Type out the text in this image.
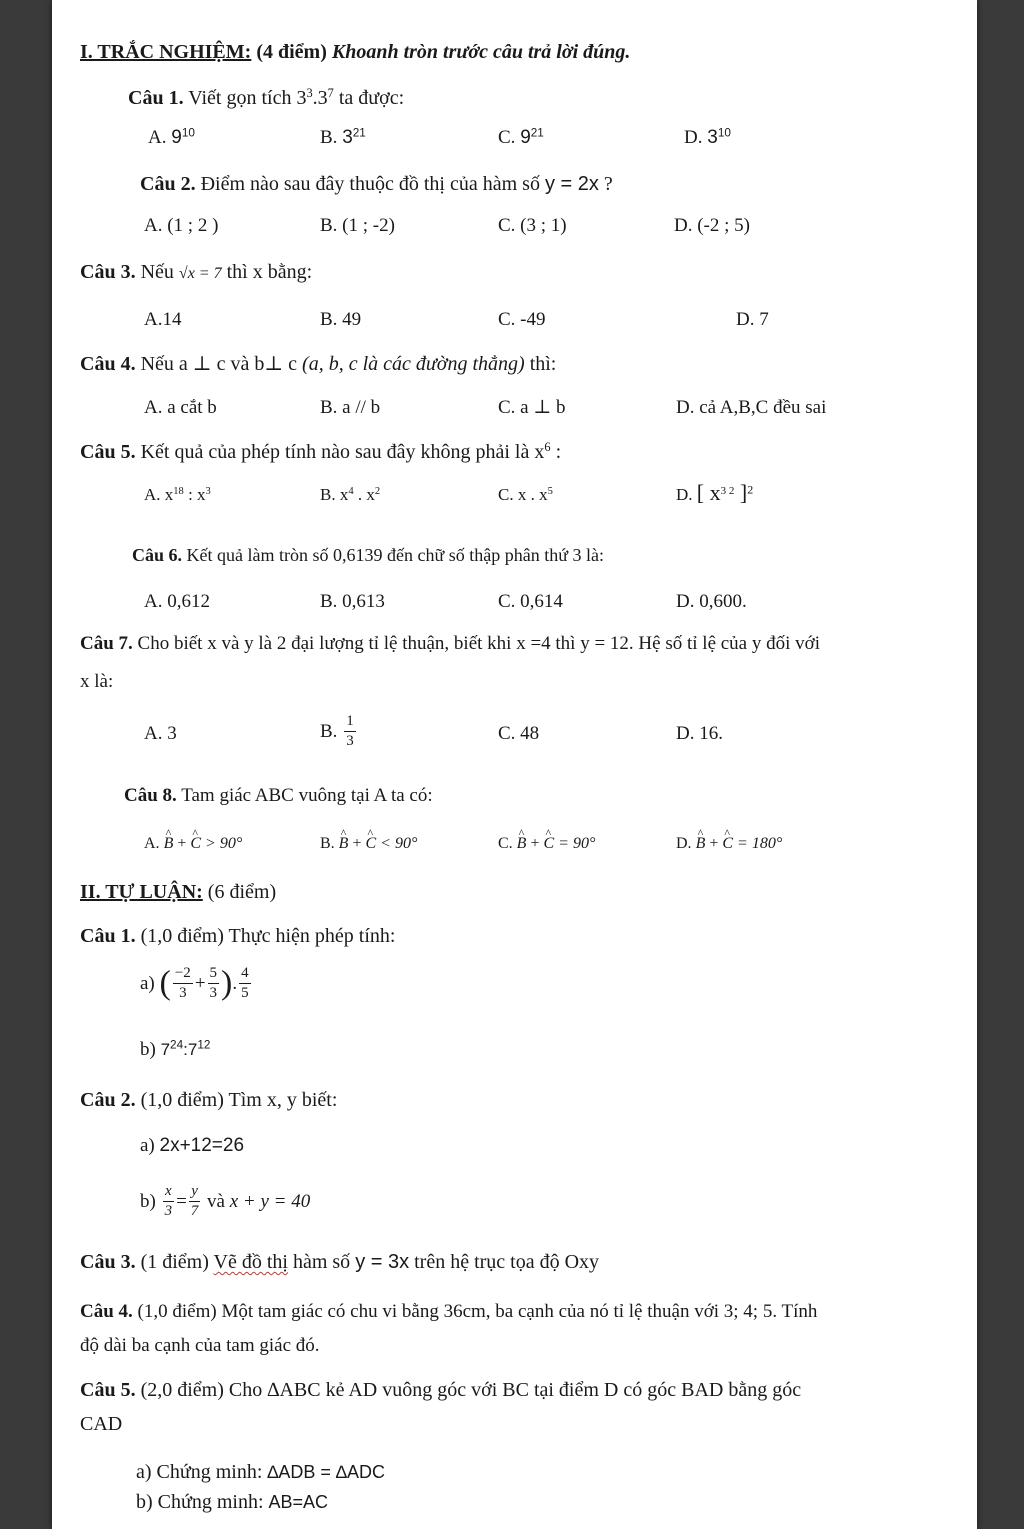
I. TRẮC NGHIỆM: (4 điểm) Khoanh tròn trước câu trả lời đúng.
Câu 1. Viết gọn tích $3^3.3^7$ ta được:
A. $9^{10}$	B. $3^{21}$	C. $9^{21}$	D. $3^{10}$
Câu 2. Điểm nào sau đây thuộc đồ thị của hàm số y = 2x ?
A. (1 ; 2 )	B. (1 ; -2)	C. (3 ; 1)	D. (-2 ; 5)
Câu 3. Nếu √x = 7 thì x bằng:
A.14	B. 49	C. -49	D. 7
Câu 4. Nếu a ⊥ c và b⊥ c (a, b, c là các đường thẳng) thì:
A. a cắt b	B. a // b	C. a ⊥ b	D. cả A,B,C đều sai
Câu 5. Kết quả của phép tính nào sau đây không phải là $x^6$ :
A. $x^{18}$ : $x^3$	B. $x^4$ . $x^2$	C. x . $x^5$	D. [ $x^{3 2}$ ]$^2$
Câu 6. Kết quả làm tròn số 0,6139 đến chữ số thập phân thứ 3 là:
A. 0,612	B. 0,613	C. 0,614	D. 0,600.
Câu 7. Cho biết x và y là 2 đại lượng tỉ lệ thuận, biết khi x =4 thì y = 12. Hệ số tỉ lệ của y đối với
x là:
A. 3	B. $\frac{1}{3}$	C. 48	D. 16.
Câu 8. Tam giác ABC vuông tại A ta có:
A. ^ B + ^ C > 90°	B. ^ B + ^ C < 90°	C. ^ B + ^ C = 90°	D. ^ B + ^ C = 180°
II. TỰ LUẬN: (6 điểm)
Câu 1. (1,0 điểm) Thực hiện phép tính:
a) ( $\frac{-2}{3} + \frac{5}{3}$ ). $\frac{4}{5}$
b) $7^{24}:7^{12}$
Câu 2. (1,0 điểm) Tìm x, y biết:
a) 2x+12=26
$b) \frac{x}{3} = \frac{y}{7}$ và x + y = 40
Câu 3. (1 điểm) Vẽ đồ thị hàm số y = 3x trên hệ trục tọa độ Oxy
Câu 4. (1,0 điểm) Một tam giác có chu vi bằng 36cm, ba cạnh của nó tỉ lệ thuận với 3; 4; 5. Tính
độ dài ba cạnh của tam giác đó.
Câu 5. (2,0 điểm) Cho ∆ABC kẻ AD vuông góc với BC tại điểm D có góc BAD bằng góc
CAD
a) Chứng minh: ∆ADB = ∆ADC
b) Chứng minh: AB=AC
